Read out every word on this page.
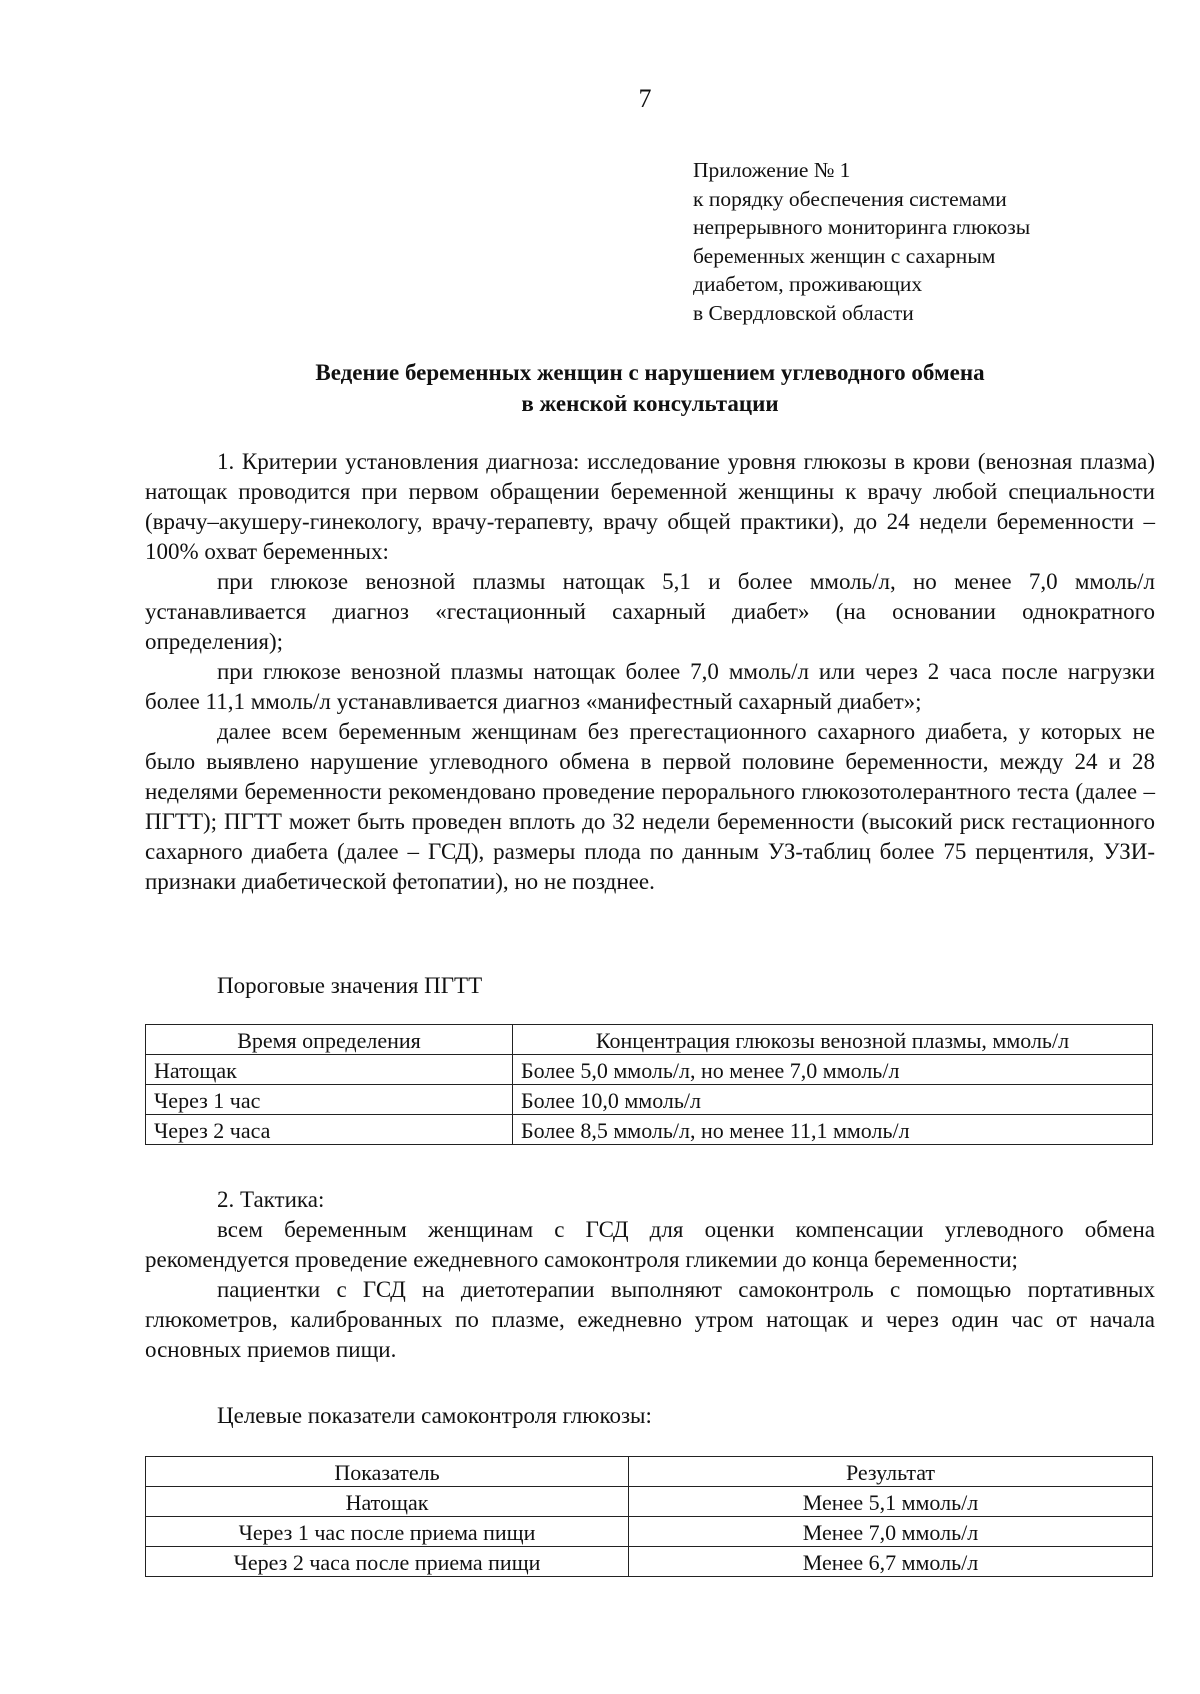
7
Приложение № 1
к порядку обеспечения системами
непрерывного мониторинга глюкозы
беременных женщин с сахарным
диабетом, проживающих
в Свердловской области
Ведение беременных женщин с нарушением углеводного обмена
в женской консультации

1. Критерии установления диагноза: исследование уровня глюкозы в крови (венозная плазма) натощак проводится при первом обращении беременной женщины к врачу любой специальности (врачу–акушеру-гинекологу, врачу-терапевту, врачу общей практики), до 24 недели беременности – 100% охват беременных:

при глюкозе венозной плазмы натощак 5,1 и более ммоль/л, но менее 7,0 ммоль/л устанавливается диагноз «гестационный сахарный диабет» (на основании однократного определения);

при глюкозе венозной плазмы натощак более 7,0 ммоль/л или через 2 часа после нагрузки более 11,1 ммоль/л устанавливается диагноз «манифестный сахарный диабет»;

далее всем беременным женщинам без прегестационного сахарного диабета, у которых не было выявлено нарушение углеводного обмена в первой половине беременности, между 24 и 28 неделями беременности рекомендовано проведение перорального глюкозотолерантного теста (далее – ПГТТ); ПГТТ может быть проведен вплоть до 32 недели беременности (высокий риск гестационного сахарного диабета (далее – ГСД), размеры плода по данным УЗ-таблиц более 75 перцентиля, УЗИ-признаки диабетической фетопатии), но не позднее.

Пороговые значения ПГТТ
Время определения	Концентрация глюкозы венозной плазмы, ммоль/л
Натощак	Более 5,0 ммоль/л, но менее 7,0 ммоль/л
Через 1 час	Более 10,0 ммоль/л
Через 2 часа	Более 8,5 ммоль/л, но менее 11,1 ммоль/л

2. Тактика:

всем беременным женщинам с ГСД для оценки компенсации углеводного обмена рекомендуется проведение ежедневного самоконтроля гликемии до конца беременности;

пациентки с ГСД на диетотерапии выполняют самоконтроль с помощью портативных глюкометров, калиброванных по плазме, ежедневно утром натощак и через один час от начала основных приемов пищи.

Целевые показатели самоконтроля глюкозы:
Показатель	Результат
Натощак	Менее 5,1 ммоль/л
Через 1 час после приема пищи	Менее 7,0 ммоль/л
Через 2 часа после приема пищи	Менее 6,7 ммоль/л
